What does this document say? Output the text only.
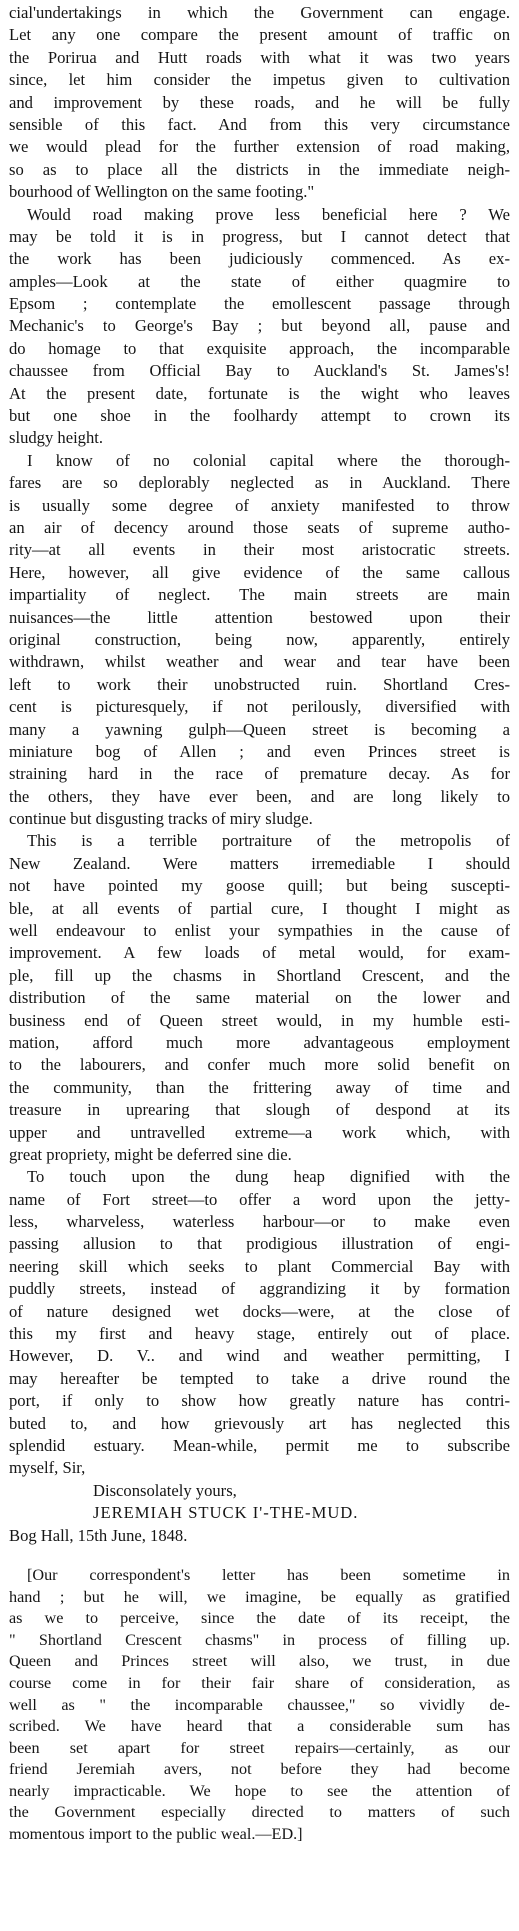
cial'undertakings in which the Government can engage.
Let any one compare the present amount of traffic on
the Porirua and Hutt roads with what it was two years
since, let him consider the impetus given to cultivation
and improvement by these roads, and he will be fully
sensible of this fact. And from this very circumstance
we would plead for the further extension of road making,
so as to place all the districts in the immediate neigh-
bourhood of Wellington on the same footing."
Would road making prove less beneficial here ? We
may be told it is in progress, but I cannot detect that
the work has been judiciously commenced. As ex-
amples—Look at the state of either quagmire to
Epsom ; contemplate the emollescent passage through
Mechanic's to George's Bay ; but beyond all, pause and
do homage to that exquisite approach, the incomparable
chaussee from Official Bay to Auckland's St. James's!
At the present date, fortunate is the wight who leaves
but one shoe in the foolhardy attempt to crown its
sludgy height.
I know of no colonial capital where the thorough-
fares are so deplorably neglected as in Auckland. There
is usually some degree of anxiety manifested to throw
an air of decency around those seats of supreme autho-
rity—at all events in their most aristocratic streets.
Here, however, all give evidence of the same callous
impartiality of neglect. The main streets are main
nuisances—the little attention bestowed upon their
original construction, being now, apparently, entirely
withdrawn, whilst weather and wear and tear have been
left to work their unobstructed ruin. Shortland Cres-
cent is picturesquely, if not perilously, diversified with
many a yawning gulph—Queen street is becoming a
miniature bog of Allen ; and even Princes street is
straining hard in the race of premature decay. As for
the others, they have ever been, and are long likely to
continue but disgusting tracks of miry sludge.
This is a terrible portraiture of the metropolis of
New Zealand. Were matters irremediable I should
not have pointed my goose quill; but being suscepti-
ble, at all events of partial cure, I thought I might as
well endeavour to enlist your sympathies in the cause of
improvement. A few loads of metal would, for exam-
ple, fill up the chasms in Shortland Crescent, and the
distribution of the same material on the lower and
business end of Queen street would, in my humble esti-
mation, afford much more advantageous employment
to the labourers, and confer much more solid benefit on
the community, than the frittering away of time and
treasure in uprearing that slough of despond at its
upper and untravelled extreme—a work which, with
great propriety, might be deferred sine die.
To touch upon the dung heap dignified with the
name of Fort street—to offer a word upon the jetty-
less, wharveless, waterless harbour—or to make even
passing allusion to that prodigious illustration of engi-
neering skill which seeks to plant Commercial Bay with
puddly streets, instead of aggrandizing it by formation
of nature designed wet docks—were, at the close of
this my first and heavy stage, entirely out of place.
However, D. V.. and wind and weather permitting, I
may hereafter be tempted to take a drive round the
port, if only to show how greatly nature has contri-
buted to, and how grievously art has neglected this
splendid estuary. Mean-while, permit me to subscribe
myself, Sir,
Disconsolately yours,
JEREMIAH STUCK I'-THE-MUD.
Bog Hall, 15th June, 1848.
[Our correspondent's letter has been sometime in
hand ; but he will, we imagine, be equally as gratified
as we to perceive, since the date of its receipt, the
" Shortland Crescent chasms" in process of filling up.
Queen and Princes street will also, we trust, in due
course come in for their fair share of consideration, as
well as " the incomparable chaussee," so vividly de-
scribed. We have heard that a considerable sum has
been set apart for street repairs—certainly, as our
friend Jeremiah avers, not before they had become
nearly impracticable. We hope to see the attention of
the Government especially directed to matters of such
momentous import to the public weal.—ED.]
